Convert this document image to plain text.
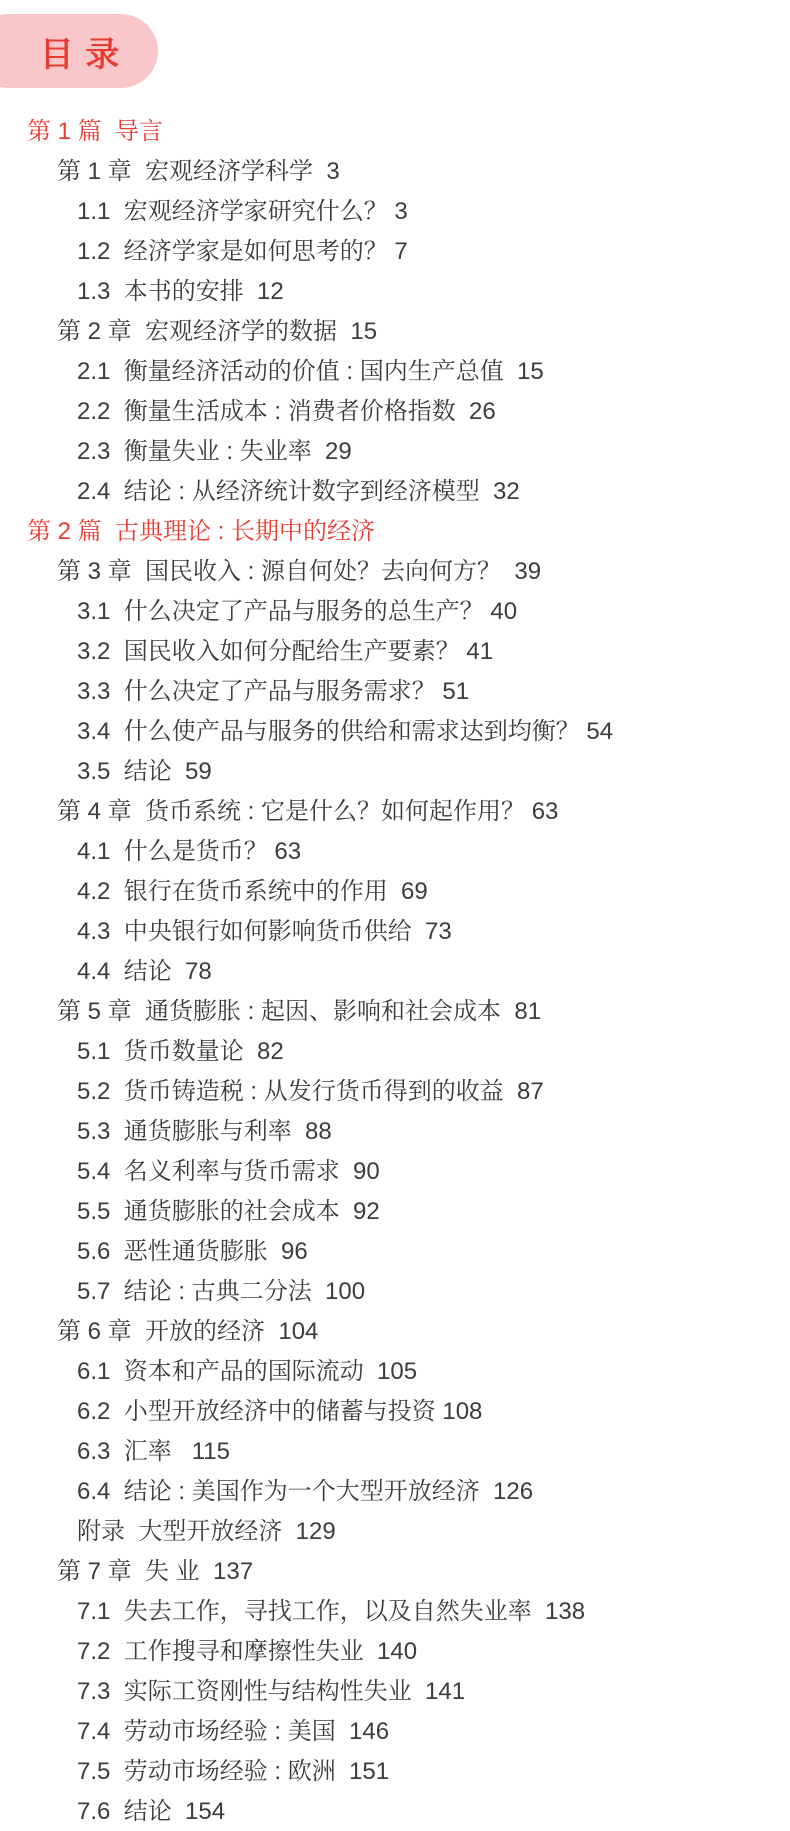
目 录
第 1 篇  导言
第 1 章  宏观经济学科学  3
1.1  宏观经济学家研究什么？ 3
1.2  经济学家是如何思考的？ 7
1.3  本书的安排  12
第 2 章  宏观经济学的数据  15
2.1  衡量经济活动的价值 : 国内生产总值  15
2.2  衡量生活成本 : 消费者价格指数  26
2.3  衡量失业 : 失业率  29
2.4  结论 : 从经济统计数字到经济模型  32
第 2 篇  古典理论 : 长期中的经济
第 3 章  国民收入 : 源自何处？去向何方？  39
3.1  什么决定了产品与服务的总生产？ 40
3.2  国民收入如何分配给生产要素？ 41
3.3  什么决定了产品与服务需求？ 51
3.4  什么使产品与服务的供给和需求达到均衡？ 54
3.5  结论  59
第 4 章  货币系统 : 它是什么？如何起作用？ 63
4.1  什么是货币？ 63
4.2  银行在货币系统中的作用  69
4.3  中央银行如何影响货币供给  73
4.4  结论  78
第 5 章  通货膨胀 : 起因、影响和社会成本  81
5.1  货币数量论  82
5.2  货币铸造税 : 从发行货币得到的收益  87
5.3  通货膨胀与利率  88
5.4  名义利率与货币需求  90
5.5  通货膨胀的社会成本  92
5.6  恶性通货膨胀  96
5.7  结论 : 古典二分法  100
第 6 章  开放的经济  104
6.1  资本和产品的国际流动  105
6.2  小型开放经济中的储蓄与投资 108
6.3  汇率   115
6.4  结论 : 美国作为一个大型开放经济  126
附录  大型开放经济  129
第 7 章  失 业  137
7.1  失去工作，寻找工作，以及自然失业率  138
7.2  工作搜寻和摩擦性失业  140
7.3  实际工资刚性与结构性失业  141
7.4  劳动市场经验 : 美国  146
7.5  劳动市场经验 : 欧洲  151
7.6  结论  154
